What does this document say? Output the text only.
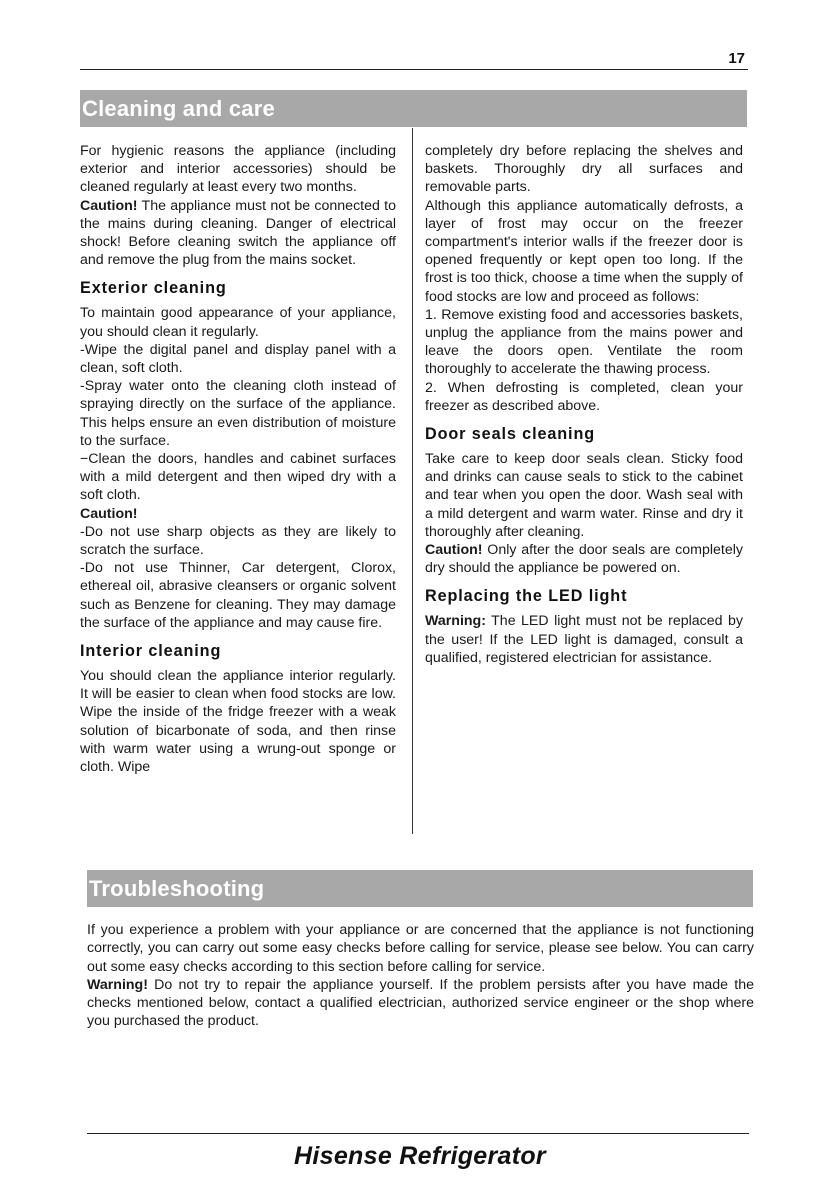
17
Cleaning and care

For hygienic reasons the appliance (including exterior and interior accessories) should be cleaned regularly at least every two months.

Caution! The appliance must not be connected to the mains during cleaning. Danger of electrical shock! Before cleaning switch the appliance off and remove the plug from the mains socket.

Exterior cleaning

To maintain good appearance of your appliance, you should clean it regularly.

-Wipe the digital panel and display panel with a clean, soft cloth.

-Spray water onto the cleaning cloth instead of spraying directly on the surface of the appliance. This helps ensure an even distribution of moisture to the surface.

−Clean the doors, handles and cabinet surfaces with a mild detergent and then wiped dry with a soft cloth.

Caution!

-Do not use sharp objects as they are likely to scratch the surface.

-Do not use Thinner, Car detergent, Clorox, ethereal oil, abrasive cleansers or organic solvent such as Benzene for cleaning. They may damage the surface of the appliance and may cause fire.

Interior cleaning

You should clean the appliance interior regularly. It will be easier to clean when food stocks are low. Wipe the inside of the fridge freezer with a weak solution of bicarbonate of soda, and then rinse with warm water using a wrung-out sponge or cloth. Wipe

completely dry before replacing the shelves and baskets. Thoroughly dry all surfaces and removable parts.

Although this appliance automatically defrosts, a layer of frost may occur on the freezer compartment's interior walls if the freezer door is opened frequently or kept open too long. If the frost is too thick, choose a time when the supply of food stocks are low and proceed as follows:

1. Remove existing food and accessories baskets, unplug the appliance from the mains power and leave the doors open. Ventilate the room thoroughly to accelerate the thawing process.

2. When defrosting is completed, clean your freezer as described above.

Door seals cleaning

Take care to keep door seals clean. Sticky food and drinks can cause seals to stick to the cabinet and tear when you open the door. Wash seal with a mild detergent and warm water. Rinse and dry it thoroughly after cleaning.

Caution! Only after the door seals are completely dry should the appliance be powered on.

Replacing the LED light

Warning: The LED light must not be replaced by the user! If the LED light is damaged, consult a qualified, registered electrician for assistance.

Troubleshooting

If you experience a problem with your appliance or are concerned that the appliance is not functioning correctly, you can carry out some easy checks before calling for service, please see below. You can carry out some easy checks according to this section before calling for service.

Warning! Do not try to repair the appliance yourself. If the problem persists after you have made the checks mentioned below, contact a qualified electrician, authorized service engineer or the shop where you purchased the product.

Hisense Refrigerator
